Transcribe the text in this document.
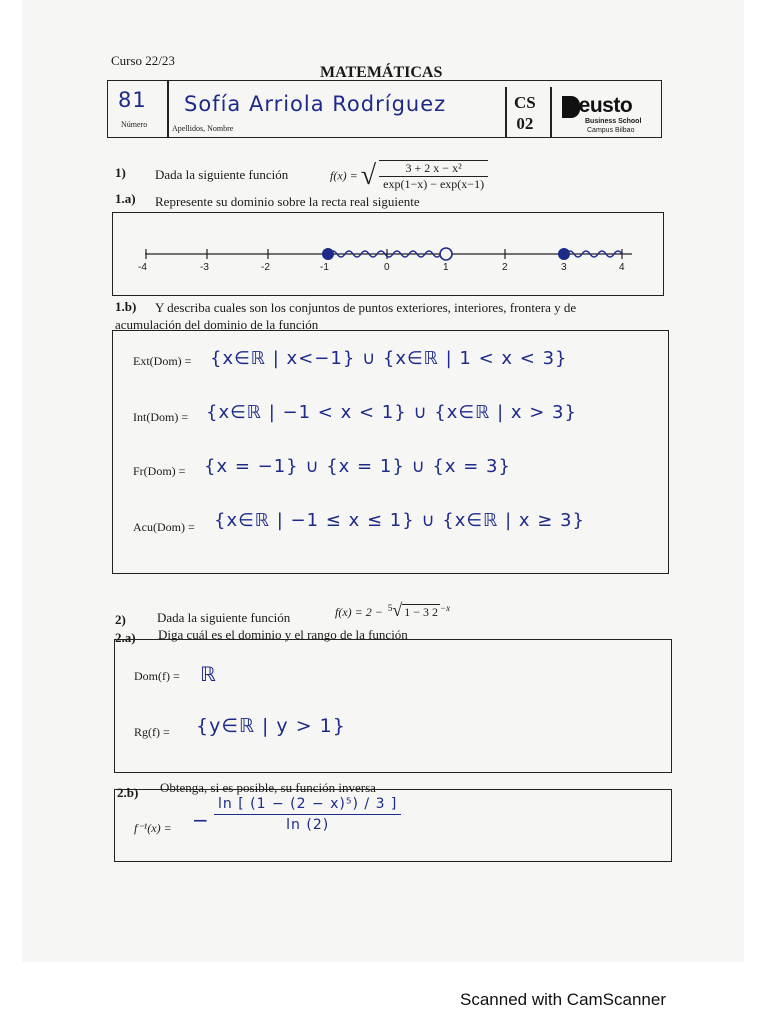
Curso 22/23
MATEMÁTICAS
81
Número
Sofía Arriola Rodríguez
Apellidos, Nombre
CS
02
Deusto
Business School
Campus Bilbao
1) Dada la siguiente función	f(x) = √ $\frac{\text{3 + 2 x − x²}}{\exp(1-x) - \exp(x-1)}$
1.a) Represente su dominio sobre la recta real siguiente
-4	-3	-2	-1	0	1	2	3	4
1.b) Y describa cuales son los conjuntos de puntos exteriores, interiores, frontera y de
acumulación del dominio de la función
Ext(Dom) = {x∈ℝ | x<−1} ∪ {x∈ℝ | 1 < x < 3}
Int(Dom) = {x∈ℝ | −1 < x < 1} ∪ {x∈ℝ | x > 3}
Fr(Dom) = {x = −1} ∪ {x = 1} ∪ {x = 3}
Acu(Dom) = {x∈ℝ | −1 ≤ x ≤ 1} ∪ {x∈ℝ | x ≥ 3}
2) Dada la siguiente función	f(x) = 2 − $^5$√ 1 − 3 2 $^{-x}$
2.a) Diga cuál es el dominio y el rango de la función
Dom(f) = ℝ
Rg(f) = {y∈ℝ | y > 1}
2.b) Obtenga, si es posible, su función inversa
f⁻¹(x) = − $\frac{\text{ln [ (1 − (2 − x)⁵) / 3 ]}}{\ln (2)}$
Scanned with CamScanner
